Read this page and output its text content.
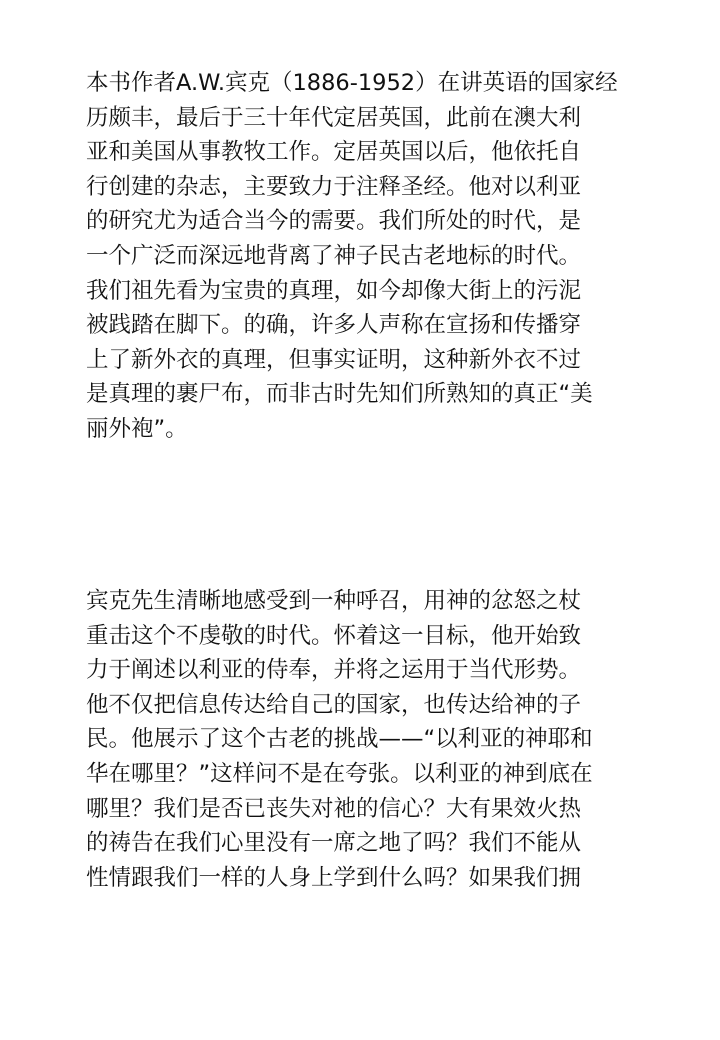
本书作者A.W.宾克（1886-1952）在讲英语的国家经
历颇丰，最后于三十年代定居英国，此前在澳大利
亚和美国从事教牧工作。定居英国以后，他依托自
行创建的杂志，主要致力于注释圣经。他对以利亚
的研究尤为适合当今的需要。我们所处的时代，是
一个广泛而深远地背离了神子民古老地标的时代。
我们祖先看为宝贵的真理，如今却像大街上的污泥
被践踏在脚下。的确，许多人声称在宣扬和传播穿
上了新外衣的真理，但事实证明，这种新外衣不过
是真理的裹尸布，而非古时先知们所熟知的真正“美
丽外袍”。
宾克先生清晰地感受到一种呼召，用神的忿怒之杖
重击这个不虔敬的时代。怀着这一目标，他开始致
力于阐述以利亚的侍奉，并将之运用于当代形势。
他不仅把信息传达给自己的国家，也传达给神的子
民。他展示了这个古老的挑战——“以利亚的神耶和
华在哪里？”这样问不是在夸张。以利亚的神到底在
哪里？我们是否已丧失对祂的信心？大有果效火热
的祷告在我们心里没有一席之地了吗？我们不能从
性情跟我们一样的人身上学到什么吗？如果我们拥
